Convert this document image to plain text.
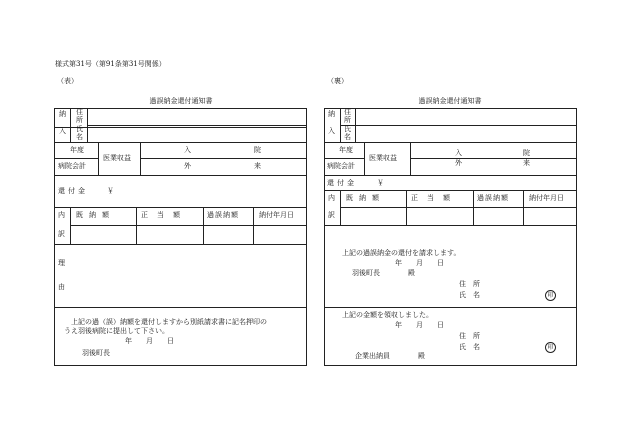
様式第31号（第91条第31号関係）
（表）	（裏）
過誤納金還付通知書
納
入
住
所
氏
名
年度
病院会計
医業収益
入	院
外	来
還付金	￥
内
訳
既納額	正当額	過誤納額	納付年月日
理
由
上記の過（誤）納額を還付しますから別紙請求書に記名押印の
うえ羽後病院に提出して下さい。
年　　月　　日
羽後町長
過誤納金還付通知書
納
入
住
所
氏
名
年度
病院会計
医業収益
入	院
外	来
還付金	￥
内
訳
既納額	正当額	過誤納額	納付年月日
上記の過誤納金の還付を請求します。
年　　月　　日
羽後町長　　　　殿
住　所
氏　名	印
上記の金額を領収しました。
年　　月　　日
住　所
氏　名	印
企業出納員　　　　殿
